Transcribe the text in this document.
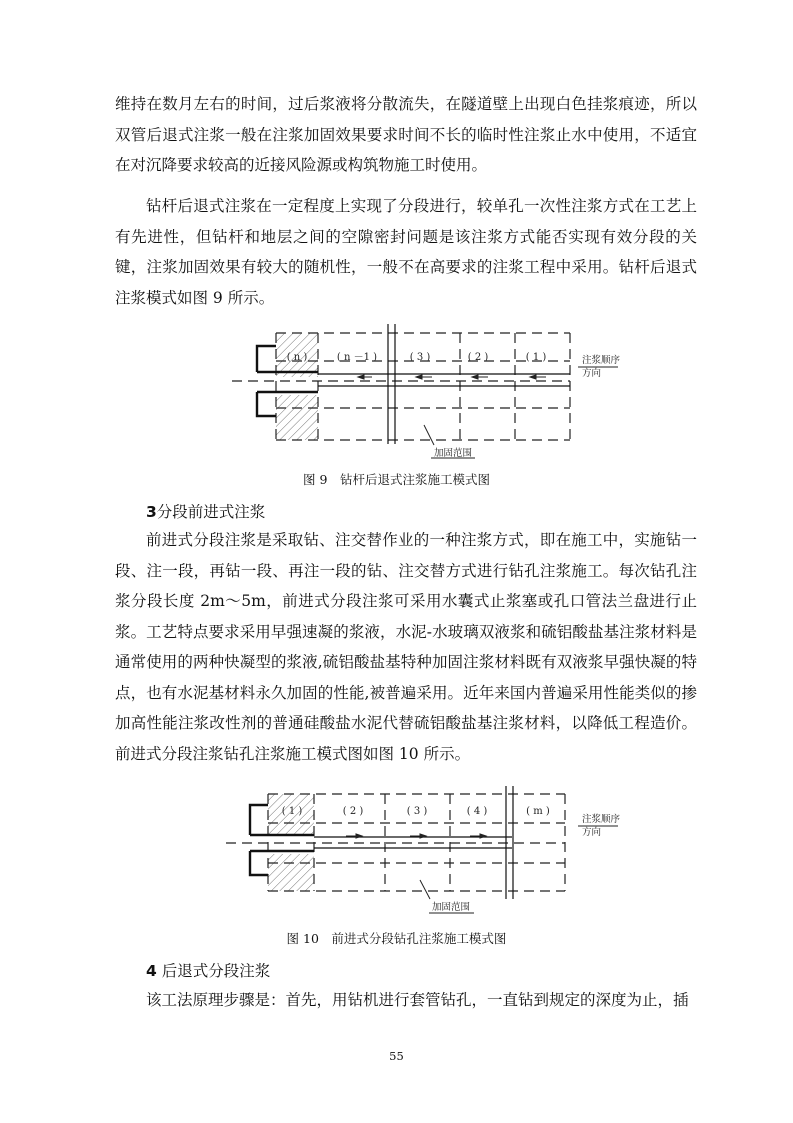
维持在数月左右的时间，过后浆液将分散流失，在隧道壁上出现白色挂浆痕迹，所以双管后退式注浆一般在注浆加固效果要求时间不长的临时性注浆止水中使用，不适宜在对沉降要求较高的近接风险源或构筑物施工时使用。

钻杆后退式注浆在一定程度上实现了分段进行，较单孔一次性注浆方式在工艺上有先进性，但钻杆和地层之间的空隙密封问题是该注浆方式能否实现有效分段的关键，注浆加固效果有较大的随机性，一般不在高要求的注浆工程中采用。钻杆后退式注浆模式如图 9 所示。

( n )	( n －1 )	( 3 )	( 2 )	( 1 )	注浆顺序
方向
加固范围
图 9　钻杆后退式注浆施工模式图
3分段前进式注浆

前进式分段注浆是采取钻、注交替作业的一种注浆方式，即在施工中，实施钻一段、注一段，再钻一段、再注一段的钻、注交替方式进行钻孔注浆施工。每次钻孔注浆分段长度 2m～5m，前进式分段注浆可采用水囊式止浆塞或孔口管法兰盘进行止浆。工艺特点要求采用早强速凝的浆液，水泥-水玻璃双液浆和硫铝酸盐基注浆材料是通常使用的两种快凝型的浆液,硫铝酸盐基特种加固注浆材料既有双液浆早强快凝的特点，也有水泥基材料永久加固的性能,被普遍采用。近年来国内普遍采用性能类似的掺加高性能注浆改性剂的普通硅酸盐水泥代替硫铝酸盐基注浆材料，以降低工程造价。前进式分段注浆钻孔注浆施工模式图如图 10 所示。

( 1 )	( 2 )	( 3 )	( 4 )	( m )
注浆顺序
方向
加固范围
图 10　前进式分段钻孔注浆施工模式图
4 后退式分段注浆

该工法原理步骤是：首先，用钻机进行套管钻孔，一直钻到规定的深度为止，插

55
